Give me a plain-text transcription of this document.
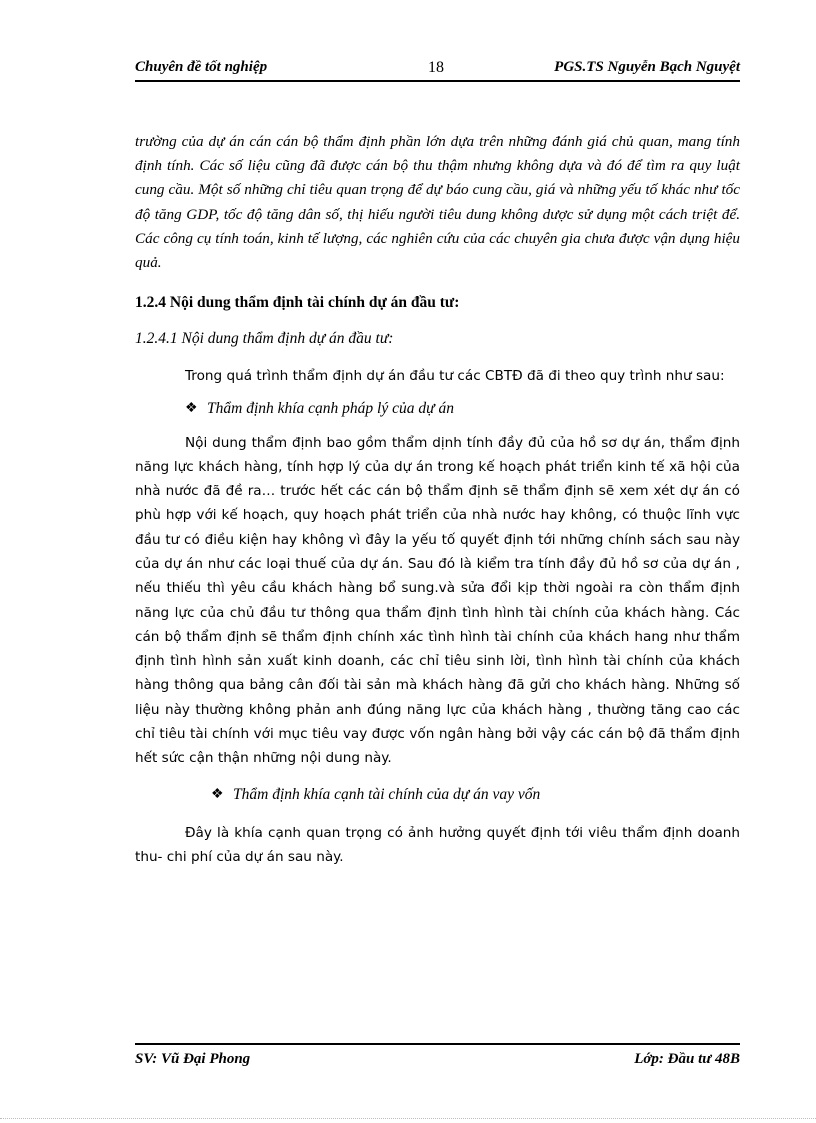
Chuyên đề tốt nghiệp	18	PGS.TS Nguyễn Bạch Nguyệt

trường của dự án cán cán bộ thẩm định phần lớn dựa trên những đánh giá chủ quan, mang tính định tính. Các số liệu cũng đã được cán bộ thu thậm nhưng không dựa và đó để tìm ra quy luật cung cầu. Một số những chỉ tiêu quan trọng để dự báo cung cầu, giá và những yếu tố khác như tốc độ tăng GDP, tốc độ tăng dân số, thị hiếu người tiêu dung không dược sử dụng một cách triệt để. Các công cụ tính toán, kinh tế lượng, các nghiên cứu của các chuyên gia chưa được vận dụng hiệu quả.

1.2.4 Nội dung thẩm định tài chính dự án đầu tư:
1.2.4.1 Nội dung thẩm định dự án đầu tư:

Trong quá trình thẩm định dự án đầu tư các CBTĐ đã đi theo quy trình như sau:

❖ Thẩm định khía cạnh pháp lý của dự án

Nội dung thẩm định bao gồm thẩm dịnh tính đầy đủ của hồ sơ dự án, thẩm định năng lực khách hàng, tính hợp lý của dự án trong kế hoạch phát triển kinh tế xã hội của nhà nước đã đề ra… trước hết các cán bộ thẩm định sẽ thẩm định sẽ xem xét dự án có phù hợp với kế hoạch, quy hoạch phát triển của nhà nước hay không, có thuộc lĩnh vực đầu tư có điều kiện hay không vì đây la yếu tố quyết định tới những chính sách sau này của dự án như các loại thuế của dự án. Sau đó là kiểm tra tính đầy đủ hồ sơ của dự án , nếu thiếu thì yêu cầu khách hàng bổ sung.và sửa đổi kịp thời ngoài ra còn thẩm định năng lực của chủ đầu tư thông qua thẩm định tình hình tài chính của khách hàng. Các cán bộ thẩm định sẽ thẩm định chính xác tình hình tài chính của khách hang như thẩm định tình hình sản xuất kinh doanh, các chỉ tiêu sinh lời, tình hình tài chính của khách hàng thông qua bảng cân đối tài sản mà khách hàng đã gửi cho khách hàng. Những số liệu này thường không phản anh đúng năng lực của khách hàng , thường tăng cao các chỉ tiêu tài chính với mục tiêu vay được vốn ngân hàng bởi vậy các cán bộ đã thẩm định hết sức cận thận những nội dung này.

❖ Thẩm định khía cạnh tài chính của dự án vay vốn

Đây là khía cạnh quan trọng có ảnh hưởng quyết định tới viêu thẩm định doanh thu- chi phí của dự án sau này.

SV: Vũ Đại Phong	Lớp: Đầu tư 48B
